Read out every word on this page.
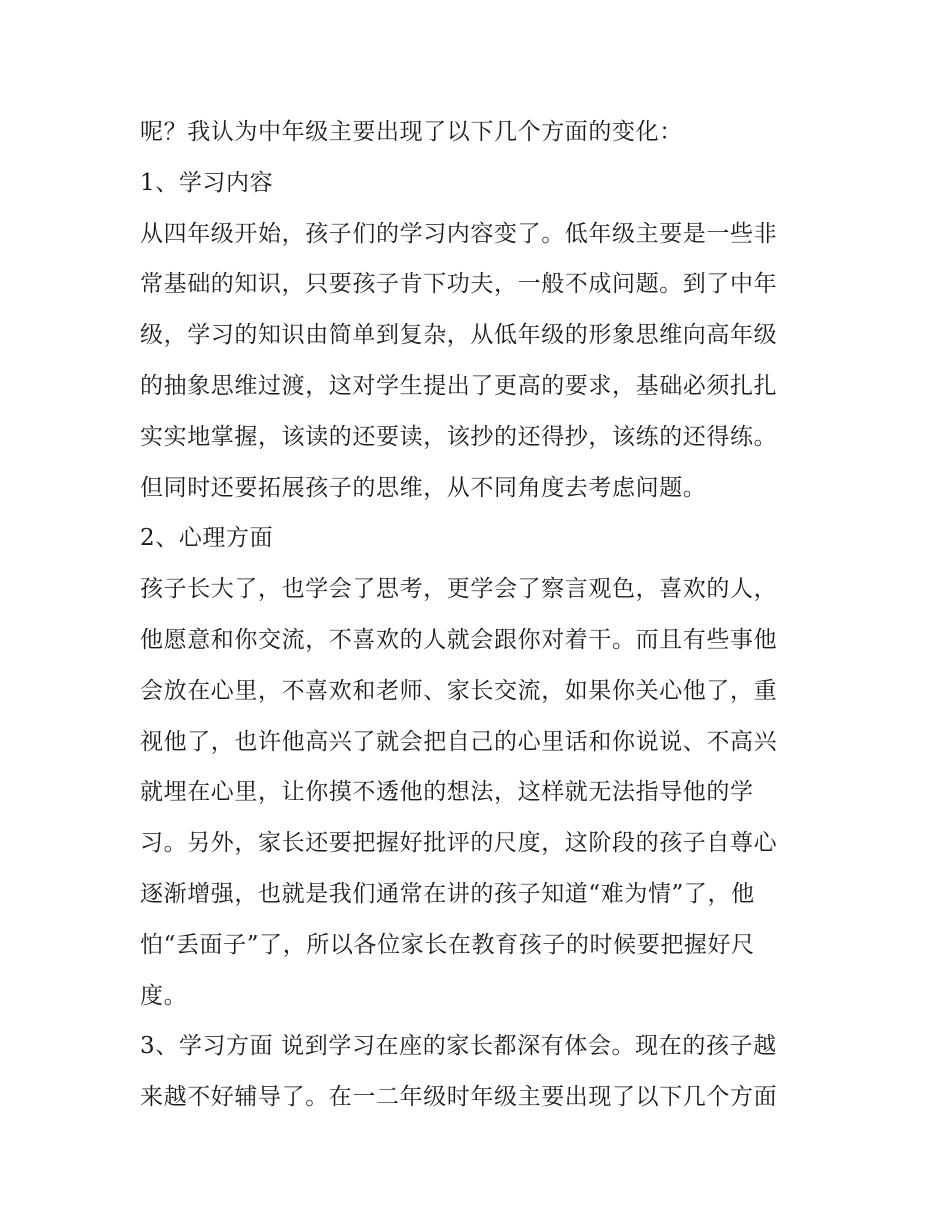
呢？我认为中年级主要出现了以下几个方面的变化：
1、学习内容
从四年级开始，孩子们的学习内容变了。低年级主要是一些非
常基础的知识，只要孩子肯下功夫，一般不成问题。到了中年
级，学习的知识由简单到复杂，从低年级的形象思维向高年级
的抽象思维过渡，这对学生提出了更高的要求，基础必须扎扎
实实地掌握，该读的还要读，该抄的还得抄，该练的还得练。
但同时还要拓展孩子的思维，从不同角度去考虑问题。
2、心理方面
孩子长大了，也学会了思考，更学会了察言观色，喜欢的人，
他愿意和你交流，不喜欢的人就会跟你对着干。而且有些事他
会放在心里，不喜欢和老师、家长交流，如果你关心他了，重
视他了，也许他高兴了就会把自己的心里话和你说说、不高兴
就埋在心里，让你摸不透他的想法，这样就无法指导他的学
习。另外，家长还要把握好批评的尺度，这阶段的孩子自尊心
逐渐增强，也就是我们通常在讲的孩子知道“难为情”了，他
怕“丢面子”了，所以各位家长在教育孩子的时候要把握好尺
度。
3、学习方面 说到学习在座的家长都深有体会。现在的孩子越
来越不好辅导了。在一二年级时年级主要出现了以下几个方面
